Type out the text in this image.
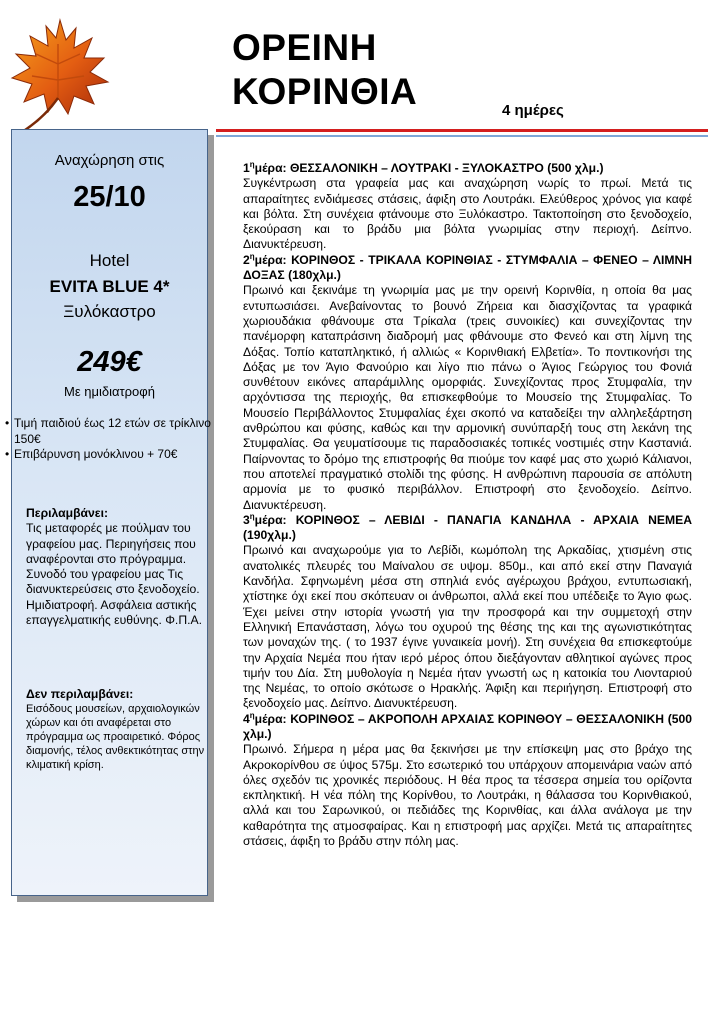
ΟΡΕΙΝΗ
ΚΟΡΙΝΘΙΑ	4 ημέρες
Αναχώρηση στις
25/10
Hotel
EVITA BLUE 4*
Ξυλόκαστρο
249€
Με ημιδιατροφή
• Τιμή παιδιού έως 12 ετών σε τρίκλινο 150€
• Επιβάρυνση μονόκλινου + 70€
Περιλαμβάνει:
Τις μεταφορές με πούλμαν του γραφείου μας. Περιηγήσεις που αναφέρονται στο πρόγραμμα. Συνοδό του γραφείου μας Τις διανυκτερεύσεις στο ξενοδοχείο. Ημιδιατροφή. Ασφάλεια αστικής επαγγελματικής ευθύνης. Φ.Π.Α.
Δεν περιλαμβάνει:
Εισόδους μουσείων, αρχαιολογικών χώρων και ότι αναφέρεται στο πρόγραμμα ως προαιρετικό. Φόρος διαμονής, τέλος ανθεκτικότητας στην κλιματική κρίση.

$1^\eta\mu έ\rho\alpha$: ΘΕΣΣΑΛΟΝΙΚΗ – ΛΟΥΤΡΑΚΙ - ΞΥΛΟΚΑΣΤΡΟ (500 χλμ.)

Συγκέντρωση στα γραφεία μας και αναχώρηση νωρίς το πρωί. Μετά τις απαραίτητες ενδιάμεσες στάσεις, άφιξη στο Λουτράκι. Ελεύθερος χρόνος για καφέ και βόλτα. Στη συνέχεια φτάνουμε στο Ξυλόκαστρο. Τακτοποίηση στο ξενοδοχείο, ξεκούραση και το βράδυ μια βόλτα γνωριμίας στην περιοχή. Δείπνο. Διανυκτέρευση.

$2^\eta\mu έ\rho\alpha$: ΚΟΡΙΝΘΟΣ - ΤΡΙΚΑΛΑ ΚΟΡΙΝΘΙΑΣ - ΣΤΥΜΦΑΛΙΑ – ΦΕΝΕΟ – ΛΙΜΝΗ ΔΟΞΑΣ (180χλμ.)

Πρωινό και ξεκινάμε τη γνωριμία μας με την ορεινή Κορινθία, η οποία θα μας εντυπωσιάσει. Ανεβαίνοντας το βουνό Ζήρεια και διασχίζοντας τα γραφικά χωριουδάκια φθάνουμε στα Τρίκαλα (τρεις συνοικίες) και συνεχίζοντας την πανέμορφη καταπράσινη διαδρομή μας φθάνουμε στο Φενεό και στη λίμνη της Δόξας. Τοπίο καταπληκτικό, ή αλλιώς « Κορινθιακή Ελβετία». Το ποντικονήσι της Δόξας με τον Άγιο Φανούριο και λίγο πιο πάνω ο Άγιος Γεώργιος του Φονιά συνθέτουν εικόνες απαράμιλλης ομορφιάς. Συνεχίζοντας προς Στυμφαλία, την αρχόντισσα της περιοχής, θα επισκεφθούμε το Μουσείο της Στυμφαλίας. Το Μουσείο Περιβάλλοντος Στυμφαλίας έχει σκοπό να καταδείξει την αλληλεξάρτηση ανθρώπου και φύσης, καθώς και την αρμονική συνύπαρξή τους στη λεκάνη της Στυμφαλίας. Θα γευματίσουμε τις παραδοσιακές τοπικές νοστιμιές στην Καστανιά. Παίρνοντας το δρόμο της επιστροφής θα πιούμε τον καφέ μας στο χωριό Κάλιανοι, που αποτελεί πραγματικό στολίδι της φύσης. Η ανθρώπινη παρουσία σε απόλυτη αρμονία με το φυσικό περιβάλλον. Επιστροφή στο ξενοδοχείο. Δείπνο. Διανυκτέρευση.

$3^\eta\mu έ\rho\alpha$: ΚΟΡΙΝΘΟΣ – ΛΕΒΙΔΙ - ΠΑΝΑΓΙΑ ΚΑΝΔΗΛΑ - ΑΡΧΑΙΑ ΝΕΜΕΑ (190χλμ.)

Πρωινό και αναχωρούμε για το Λεβίδι, κωμόπολη της Αρκαδίας, χτισμένη στις ανατολικές πλευρές του Μαίναλου σε υψομ. 850μ., και από εκεί στην Παναγιά Κανδήλα. Σφηνωμένη μέσα στη σπηλιά ενός αγέρωχου βράχου, εντυπωσιακή, χτίστηκε όχι εκεί που σκόπευαν οι άνθρωποι, αλλά εκεί που υπέδειξε το Άγιο φως. Έχει μείνει στην ιστορία γνωστή για την προσφορά και την συμμετοχή στην Ελληνική Επανάσταση, λόγω του οχυρού της θέσης της και της αγωνιστικότητας των μοναχών της. ( το 1937 έγινε γυναικεία μονή). Στη συνέχεια θα επισκεφτούμε την Αρχαία Νεμέα που ήταν ιερό μέρος όπου διεξάγονταν αθλητικοί αγώνες προς τιμήν του Δία. Στη μυθολογία η Νεμέα ήταν γνωστή ως η κατοικία του Λιονταριού της Νεμέας, το οποίο σκότωσε ο Ηρακλής. Άφιξη και περιήγηση. Επιστροφή στο ξενοδοχείο μας. Δείπνο. Διανυκτέρευση.

$4^\eta\mu έ\rho\alpha$: ΚΟΡΙΝΘΟΣ – ΑΚΡΟΠΟΛΗ ΑΡΧΑΙΑΣ ΚΟΡΙΝΘΟΥ – ΘΕΣΣΑΛΟΝΙΚΗ (500 χλμ.)

Πρωινό. Σήμερα η μέρα μας θα ξεκινήσει με την επίσκεψη μας στο βράχο της Ακροκορίνθου σε ύψος 575μ. Στο εσωτερικό του υπάρχουν απομεινάρια ναών από όλες σχεδόν τις χρονικές περιόδους. Η θέα προς τα τέσσερα σημεία του ορίζοντα εκπληκτική. Η νέα πόλη της Κορίνθου, το Λουτράκι, η θάλασσα του Κορινθιακού, αλλά και του Σαρωνικού, οι πεδιάδες της Κορινθίας, και άλλα ανάλογα με την καθαρότητα της ατμοσφαίρας. Και η επιστροφή μας αρχίζει. Μετά τις απαραίτητες στάσεις, άφιξη το βράδυ στην πόλη μας.
